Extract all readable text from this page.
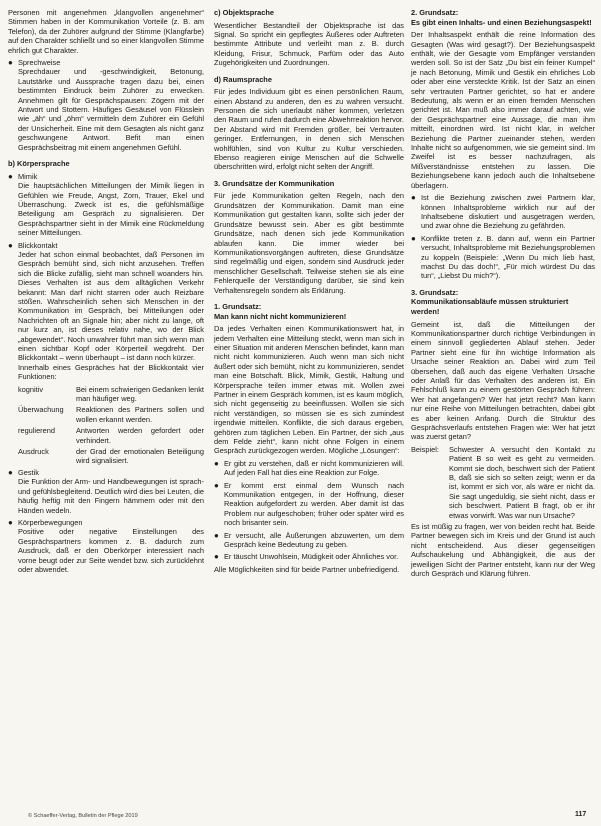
Personen mit angenehmen „klangvollen angenehmer“ Stimmen haben in der Kommunikation Vorteile (z. B. am Telefon), da der Zuhörer aufgrund der Stimme (Klangfarbe) auf den Charakter schließt und so einer klangvollen Stimme ehrlich gut Charakter.

● Sprechweise
Sprechdauer und -geschwindigkeit, Betonung, Lautstärke und Aussprache tragen dazu bei, einen bestimmten Eindruck beim Zuhörer zu erwecken. Annehmen gilt für Gesprächspausen: Zögern mit der Antwort und Stottern. Häufiges Gesäusel von Flüsslein wie „äh“ und „öhm“ vermitteln dem Zuhörer ein Gefühl der Unsicherheit. Eine mit dem Gesagten als nicht ganz geschwungene Antwort. Befit man einen Gesprächsbeitrag mit einem angenehmen Gefühl.
b) Körpersprache
● Mimik
Die hauptsächlichen Mitteilungen der Mimik liegen in Gefühlen wie Freude, Angst, Zorn, Trauer, Ekel und Überraschung. Zweck ist es, die gefühlsmäßige Beteiligung am Gespräch zu signalisieren. Der Gesprächspartner sieht in der Mimik eine Rückmeldung seiner Mitteilungen.
● Blickkontakt
Jeder hat schon einmal beobachtet, daß Personen im Gespräch bemüht sind, sich nicht anzusehen. Treffen sich die Blicke zufällig, sieht man schnell woanders hin. Dieses Verhalten ist aus dem alltäglichen Verkehr bekannt: Man darf nicht starren oder auch Reizbare stößen. Wahrscheinlich sehen sich Menschen in der Kommunikation im Gespräch, bei Mitteilungen oder Nachrichten oft an Signale hin; aber nicht zu lange, oft nur kurz an, ist dieses relativ nahe, wo der Blick „abgewendet“. Noch unwahrer führt man sich wenn man einen sichtbar Kopf oder Körperteil wegdreht. Der Blickkontakt – wenn überhaupt – ist dann noch kürzer.
Innerhalb eines Gespräches hat der Blickkontakt vier Funktionen:
kognitiv	Bei einem schwierigen Gedanken lenkt man häufiger weg.
Überwachung	Reaktionen des Partners sollen und wollen erkannt werden.
regulierend	Antworten werden gefordert oder verhindert.
Ausdruck	der Grad der emotionalen Beteiligung wird signalisiert.
● Gestik
Die Funktion der Arm- und Handbewegungen ist sprach- und gefühlsbegleitend. Deutlich wird dies bei Leuten, die häufig heftig mit den Fingern hämmern oder mit den Händen wedeln.
● Körperbewegungen
Positive oder negative Einstellungen des Gesprächspartners kommen z. B. dadurch zum Ausdruck, daß er den Oberkörper interessiert nach vorne beugt oder zur Seite wendet bzw. sich zurücklehnt oder abwendet.
c) Objektsprache

Wesentlicher Bestandteil der Objektsprache ist das Signal. So spricht ein gepflegtes Äußeres oder Auftreten bestimmte Attribute und verleiht man z. B. durch Kleidung, Frisur, Schmuck, Parfüm oder das Auto Zugehörigkeiten und Zuordnungen.

d) Raumsprache

Für jedes Individuum gibt es einen persönlichen Raum, einen Abstand zu anderen, den es zu wahren versucht. Personen die sich unerlaubt näher kommen, verletzen den Raum und rufen dadurch eine Abwehrreaktion hervor. Der Abstand wird mit Fremden größer, bei Vertrauten geringer. Entfernungen, in denen sich Menschen wohlfühlen, sind von Kultur zu Kultur verschieden. Ebenso reagieren einige Menschen auf die Schwelle überschritten wird, erfolgt nicht selten der Angriff.

3. Grundsätze der Kommunikation

Für jede Kommunikation gelten Regeln, nach den Grundsätzen der Kommunikation. Damit man eine Kommunikation gut gestalten kann, sollte sich jeder der Grundsätze bewusst sein. Aber es gibt bestimmte Grundsätze, nach denen sich jede Kommunikation ablaufen kann. Die immer wieder bei Kommunikationsvorgängen auftreten, diese Grundsätze sind regelmäßig und eigen, sondern sind Ausdruck jeder menschlicher Gesellschaft. Teilweise stehen sie als eine Fehlerquelle der Verständigung darüber, sie sind kein Verhaltensregeln sondern als Erklärung.

1. Grundsatz:
Man kann nicht nicht kommunizieren!

Da jedes Verhalten einen Kommunikationswert hat, in jedem Verhalten eine Mitteilung steckt, wenn man sich in einer Situation mit anderen Menschen befindet, kann man nicht nicht kommunizieren. Auch wenn man sich nicht äußert oder sich bemüht, nicht zu kommunizieren, sendet man eine Botschaft. Blick, Mimik, Gestik, Haltung und Körpersprache teilen immer etwas mit. Wollen zwei Partner in einem Gespräch kommen, ist es kaum möglich, sich nicht gegenseitig zu beeinflussen. Wollen sie sich nicht verständigen, so müssen sie es sich zumindest irgendwie mitteilen. Konflikte, die sich daraus ergeben, gehören zum täglichen Leben. Ein Partner, der sich „aus dem Felde zieht“, kann nicht ohne Folgen in einem Gespräch zurückgezogen werden. Mögliche „Lösungen“:

● Er gibt zu verstehen, daß er nicht kommunizieren will. Auf jeden Fall hat dies eine Reaktion zur Folge.
● Er kommt erst einmal dem Wunsch nach Kommunikation entgegen, in der Hoffnung, dieser Reaktion aufgefordert zu werden. Aber damit ist das Problem nur aufgeschoben; früher oder später wird es noch brisanter sein.
● Er versucht, alle Äußerungen abzuwerten, um dem Gespräch keine Bedeutung zu geben.
● Er täuscht Unwohlsein, Müdigkeit oder Ähnliches vor.

Alle Möglichkeiten sind für beide Partner unbefriedigend.

2. Grundsatz:
Es gibt einen Inhalts- und einen Beziehungsaspekt!

Der Inhaltsaspekt enthält die reine Information des Gesagten (Was wird gesagt?). Der Beziehungsaspekt enthält, wie der Gesagte vom Empfänger verstanden werden soll. So ist der Satz „Du bist ein feiner Kumpel“ je nach Betonung, Mimik und Gestik ein ehrliches Lob oder aber eine versteckte Kritik. Ist der Satz an einen sehr vertrauten Partner gerichtet, so hat er andere Bedeutung, als wenn er an einen fremden Menschen gerichtet ist. Man muß also immer darauf achten, wie der Gesprächspartner eine Aussage, die man ihm mitteilt, einordnen wird. Ist nicht klar, in welcher Beziehung die Partner zueinander stehen, werden Inhalte nicht so aufgenommen, wie sie gemeint sind. Im Zweifel ist es besser nachzufragen, als Mißverständnisse entstehen zu lassen. Die Beziehungsebene kann jedoch auch die Inhaltsebene überlagern.

● Ist die Beziehung zwischen zwei Partnern klar, können Inhaltsprobleme wirklich nur auf der Inhaltsebene diskutiert und ausgetragen werden, und zwar ohne die Beziehung zu gefährden.
● Konflikte treten z. B. dann auf, wenn ein Partner versucht, Inhaltsprobleme mit Beziehungsproblemen zu koppeln (Beispiele: „Wenn Du mich lieb hast, machst Du das doch!“, „Für mich würdest Du das tun“, „Liebst Du mich?“).
3. Grundsatz:
Kommunikationsabläufe müssen strukturiert werden!

Gemeint ist, daß die Mitteilungen der Kommunikationspartner durch richtige Verbindungen in einem sinnvoll gegliederten Ablauf stehen. Jeder Partner sieht eine für ihn wichtige Information als Ursache seiner Reaktion an. Dabei wird zum Teil übersehen, daß auch das eigene Verhalten Ursache oder Anlaß für das Verhalten des anderen ist. Ein Fehlschluß kann zu einem gestörten Gespräch führen: Wer hat angefangen? Wer hat jetzt recht? Man kann nur eine Reihe von Mitteilungen betrachten, dabei gibt es aber keinen Anfang. Durch die Struktur des Gesprächsverlaufs entstehen Fragen wie: Wer hat jetzt was zuerst getan?

Beispiel:	Schwester A versucht den Kontakt zu Patient B so weit es geht zu vermeiden. Kommt sie doch, beschwert sich der Patient B, daß sie sich so selten zeigt; wenn er da ist, kommt er sich vor, als wäre er nicht da. Sie sagt ungeduldig, sie sieht nicht, dass er sich beschwert. Patient B fragt, ob er ihr etwas vorwirft. Was war nun Ursache?

Es ist müßig zu fragen, wer von beiden recht hat. Beide Partner bewegen sich im Kreis und der Grund ist auch nicht entscheidend. Aus dieser gegenseitigen Aufschaukelung und Abhängigkeit, die aus der jeweiligen Sicht der Partner entsteht, kann nur der Weg durch Gespräch und Klärung führen.

© Schaeffer-Verlag, Bulletin der Pflege 2019	117
